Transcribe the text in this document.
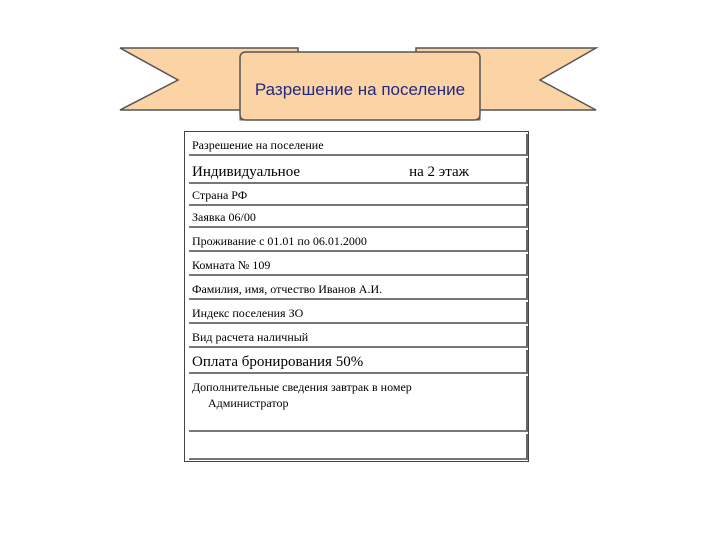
Разрешение на поселение
Разрешение на поселение
Индивидуальное	на 2 этаж
Страна РФ
Заявка 06/00
Проживание с 01.01 по 06.01.2000
Комната № 109
Фамилия, имя, отчество Иванов А.И.
Индекс поселения ЗО
Вид расчета наличный
Оплата бронирования 50%
Дополнительные сведения завтрак в номер
Администратор
